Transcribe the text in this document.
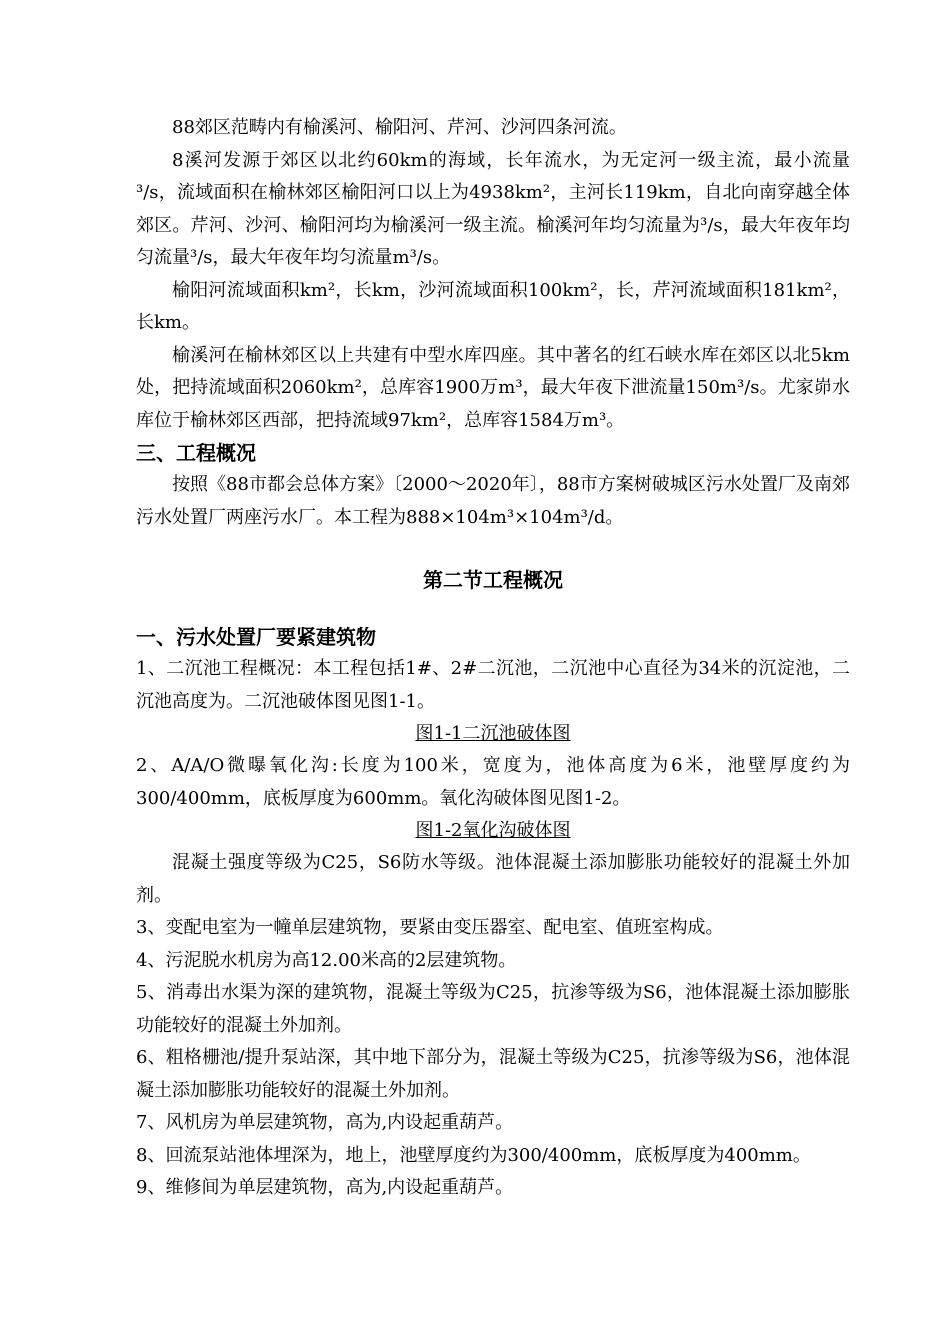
88郊区范畴内有榆溪河、榆阳河、芹河、沙河四条河流。

8溪河发源于郊区以北约60km的海域，长年流水，为无定河一级主流，最小流量³/s，流域面积在榆林郊区榆阳河口以上为4938km²，主河长119km，自北向南穿越全体郊区。芹河、沙河、榆阳河均为榆溪河一级主流。榆溪河年均匀流量为³/s，最大年夜年均匀流量³/s，最大年夜年均匀流量m³/s。

榆阳河流域面积km²，长km，沙河流域面积100km²，长，芹河流域面积181km²，长km。

榆溪河在榆林郊区以上共建有中型水库四座。其中著名的红石峡水库在郊区以北5km处，把持流域面积2060km²，总库容1900万m³，最大年夜下泄流量150m³/s。尤家峁水库位于榆林郊区西部，把持流域97km²，总库容1584万m³。

三、工程概况

按照《88市都会总体方案》〔2000～2020年〕，88市方案树破城区污水处置厂及南郊污水处置厂两座污水厂。本工程为888×104m³×104m³/d。

第二节工程概况
一、污水处置厂要紧建筑物

1、二沉池工程概况：本工程包括1#、2#二沉池，二沉池中心直径为34米的沉淀池，二沉池高度为。二沉池破体图见图1-1。

图1-1二沉池破体图

2、A/A/O微曝氧化沟:长度为100米，宽度为，池体高度为6米，池壁厚度约为300/400mm，底板厚度为600mm。氧化沟破体图见图1-2。

图1-2氧化沟破体图

混凝土强度等级为C25，S6防水等级。池体混凝土添加膨胀功能较好的混凝土外加剂。

3、变配电室为一幢单层建筑物，要紧由变压器室、配电室、值班室构成。

4、污泥脱水机房为高12.00米高的2层建筑物。

5、消毒出水渠为深的建筑物，混凝土等级为C25，抗渗等级为S6，池体混凝土添加膨胀功能较好的混凝土外加剂。

6、粗格栅池/提升泵站深，其中地下部分为，混凝土等级为C25，抗渗等级为S6，池体混凝土添加膨胀功能较好的混凝土外加剂。

7、风机房为单层建筑物，高为,内设起重葫芦。

8、回流泵站池体埋深为，地上，池壁厚度约为300/400mm，底板厚度为400mm。

9、维修间为单层建筑物，高为,内设起重葫芦。
